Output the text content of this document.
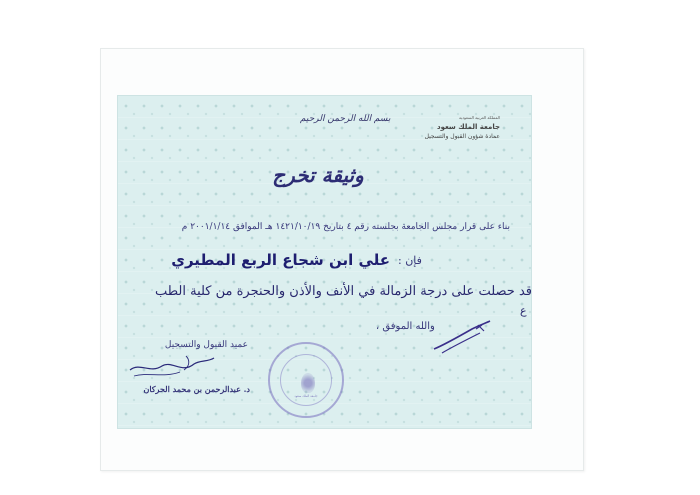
بسم الله الرحمن الرحيم	المملكة العربية السعودية
جامعة الملك سعود
عمادة شؤون القبول والتسجيل
وثيقة تخرج
بناء على قرار مجلس الجامعة بجلسته رقم ٤ بتاريخ ١٤٢١/١٠/١٩ هـ الموافق ٢٠٠١/١/١٤ م
فإن :
علي ابن شجاع الربع المطيري
قد حصلت على درجة الزمالة في الأنف والأذن والحنجرة من كلية الطب
ع
والله الموفق ،
عميد القبول والتسجيل
د. عبدالرحمن بن محمد الحركان
جامعة الملك سعود
